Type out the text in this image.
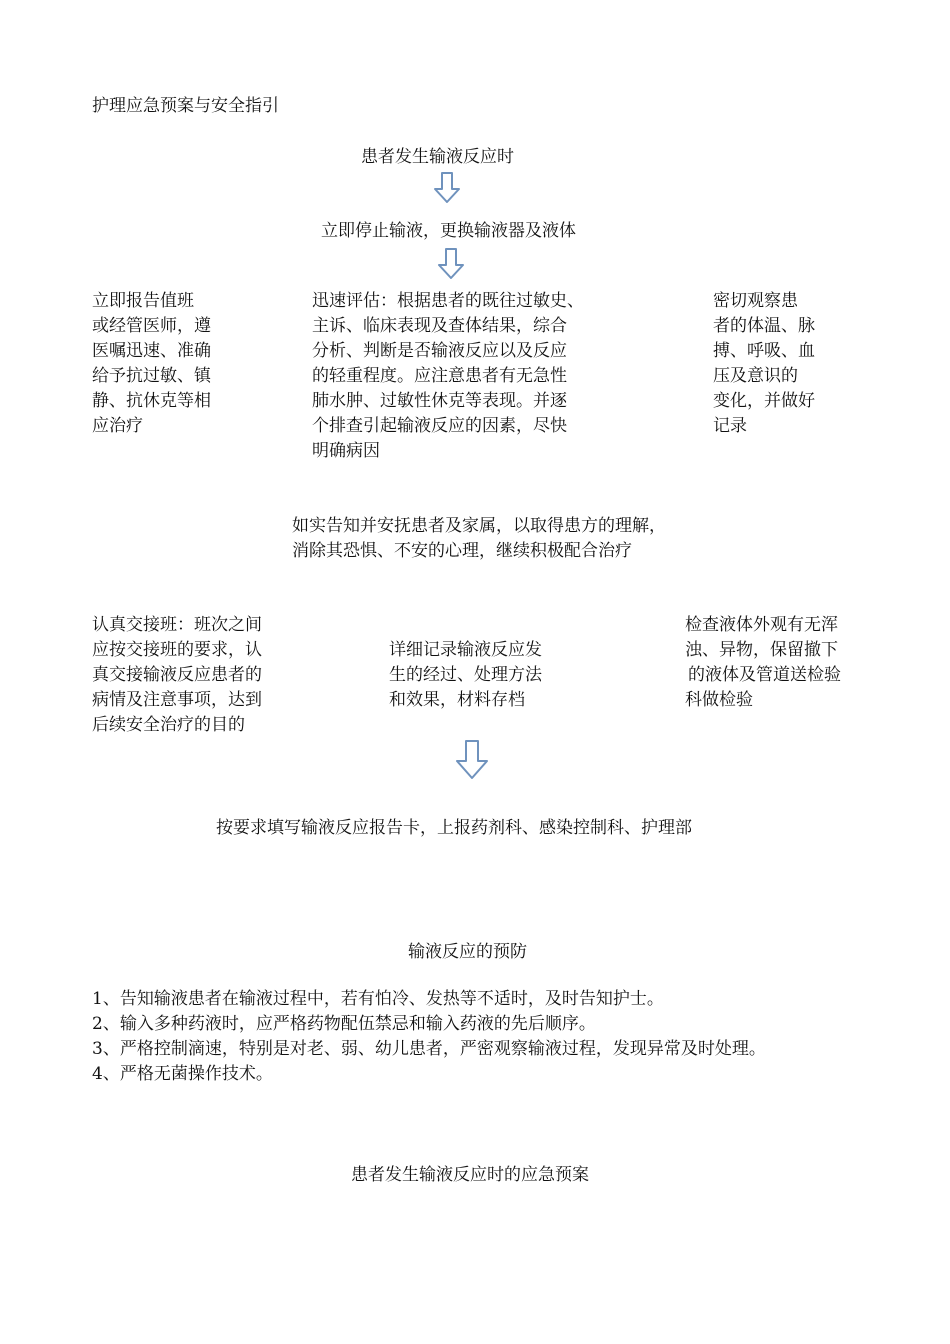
护理应急预案与安全指引
患者发生输液反应时
立即停止输液，更换输液器及液体
立即报告值班
或经管医师，遵
医嘱迅速、准确
给予抗过敏、镇
静、抗休克等相
应治疗
迅速评估：根据患者的既往过敏史、
主诉、临床表现及查体结果，综合
分析、判断是否输液反应以及反应
的轻重程度。应注意患者有无急性
肺水肿、过敏性休克等表现。并逐
个排查引起输液反应的因素，尽快
明确病因
密切观察患
者的体温、脉
搏、呼吸、血
压及意识的
变化，并做好
记录
如实告知并安抚患者及家属，以取得患方的理解，
消除其恐惧、不安的心理，继续积极配合治疗
认真交接班：班次之间
应按交接班的要求，认
真交接输液反应患者的
病情及注意事项，达到
后续安全治疗的目的
详细记录输液反应发
生的经过、处理方法
和效果，材料存档
检查液体外观有无浑
浊、异物，保留撤下
的液体及管道送检验
科做检验
按要求填写输液反应报告卡，上报药剂科、感染控制科、护理部
输液反应的预防
1、告知输液患者在输液过程中，若有怕冷、发热等不适时，及时告知护士。
2、输入多种药液时，应严格药物配伍禁忌和输入药液的先后顺序。
3、严格控制滴速，特别是对老、弱、幼儿患者，严密观察输液过程，发现异常及时处理。
4、严格无菌操作技术。
患者发生输液反应时的应急预案
